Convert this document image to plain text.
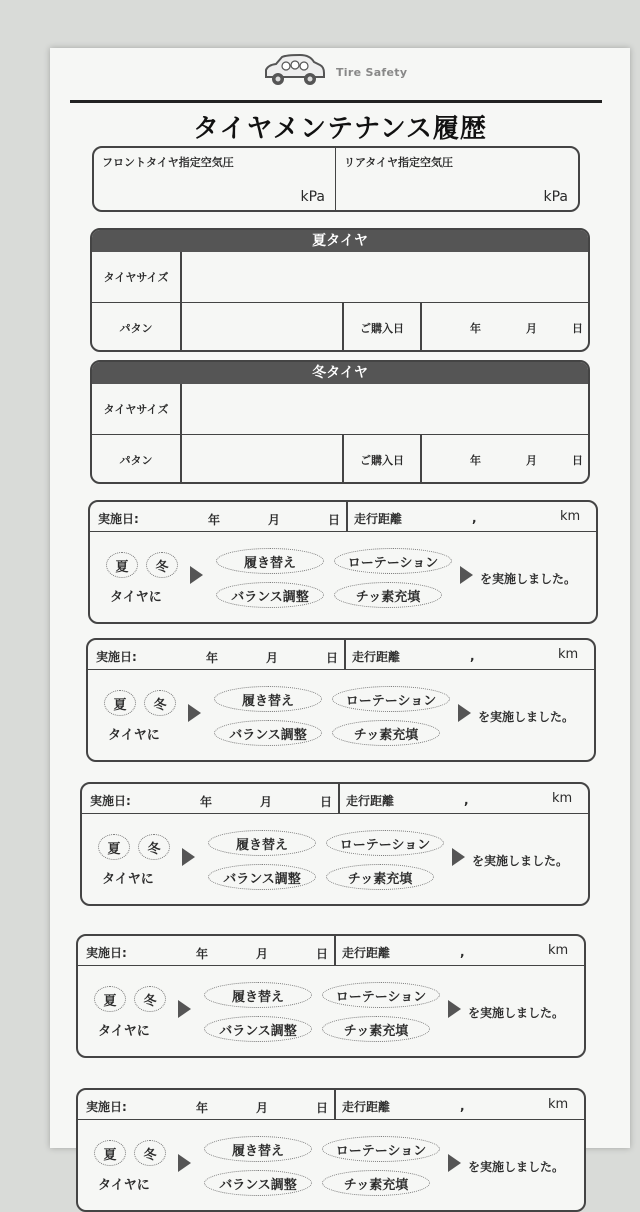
Tire Safety
タイヤメンテナンス履歴
フロントタイヤ指定空気圧
kPa
リアタイヤ指定空気圧
kPa
夏タイヤ
タイヤサイズ
パタン	ご購入日	年	月	日
冬タイヤ
タイヤサイズ
パタン	ご購入日	年	月	日
実施日:	年	月	日 走行距離	,	km
夏	冬
タイヤに
履き替え	ローテーション
バランス調整	チッ素充填
を実施しました。
実施日:	年	月	日 走行距離	,	km
夏	冬
タイヤに
履き替え	ローテーション
バランス調整	チッ素充填
を実施しました。
実施日:	年	月	日 走行距離	,	km
夏	冬
タイヤに
履き替え	ローテーション
バランス調整	チッ素充填
を実施しました。
実施日:	年	月	日 走行距離	,	km
夏	冬
タイヤに
履き替え	ローテーション
バランス調整	チッ素充填
を実施しました。
実施日:	年	月	日 走行距離	,	km
夏	冬
タイヤに
履き替え	ローテーション
バランス調整	チッ素充填
を実施しました。
